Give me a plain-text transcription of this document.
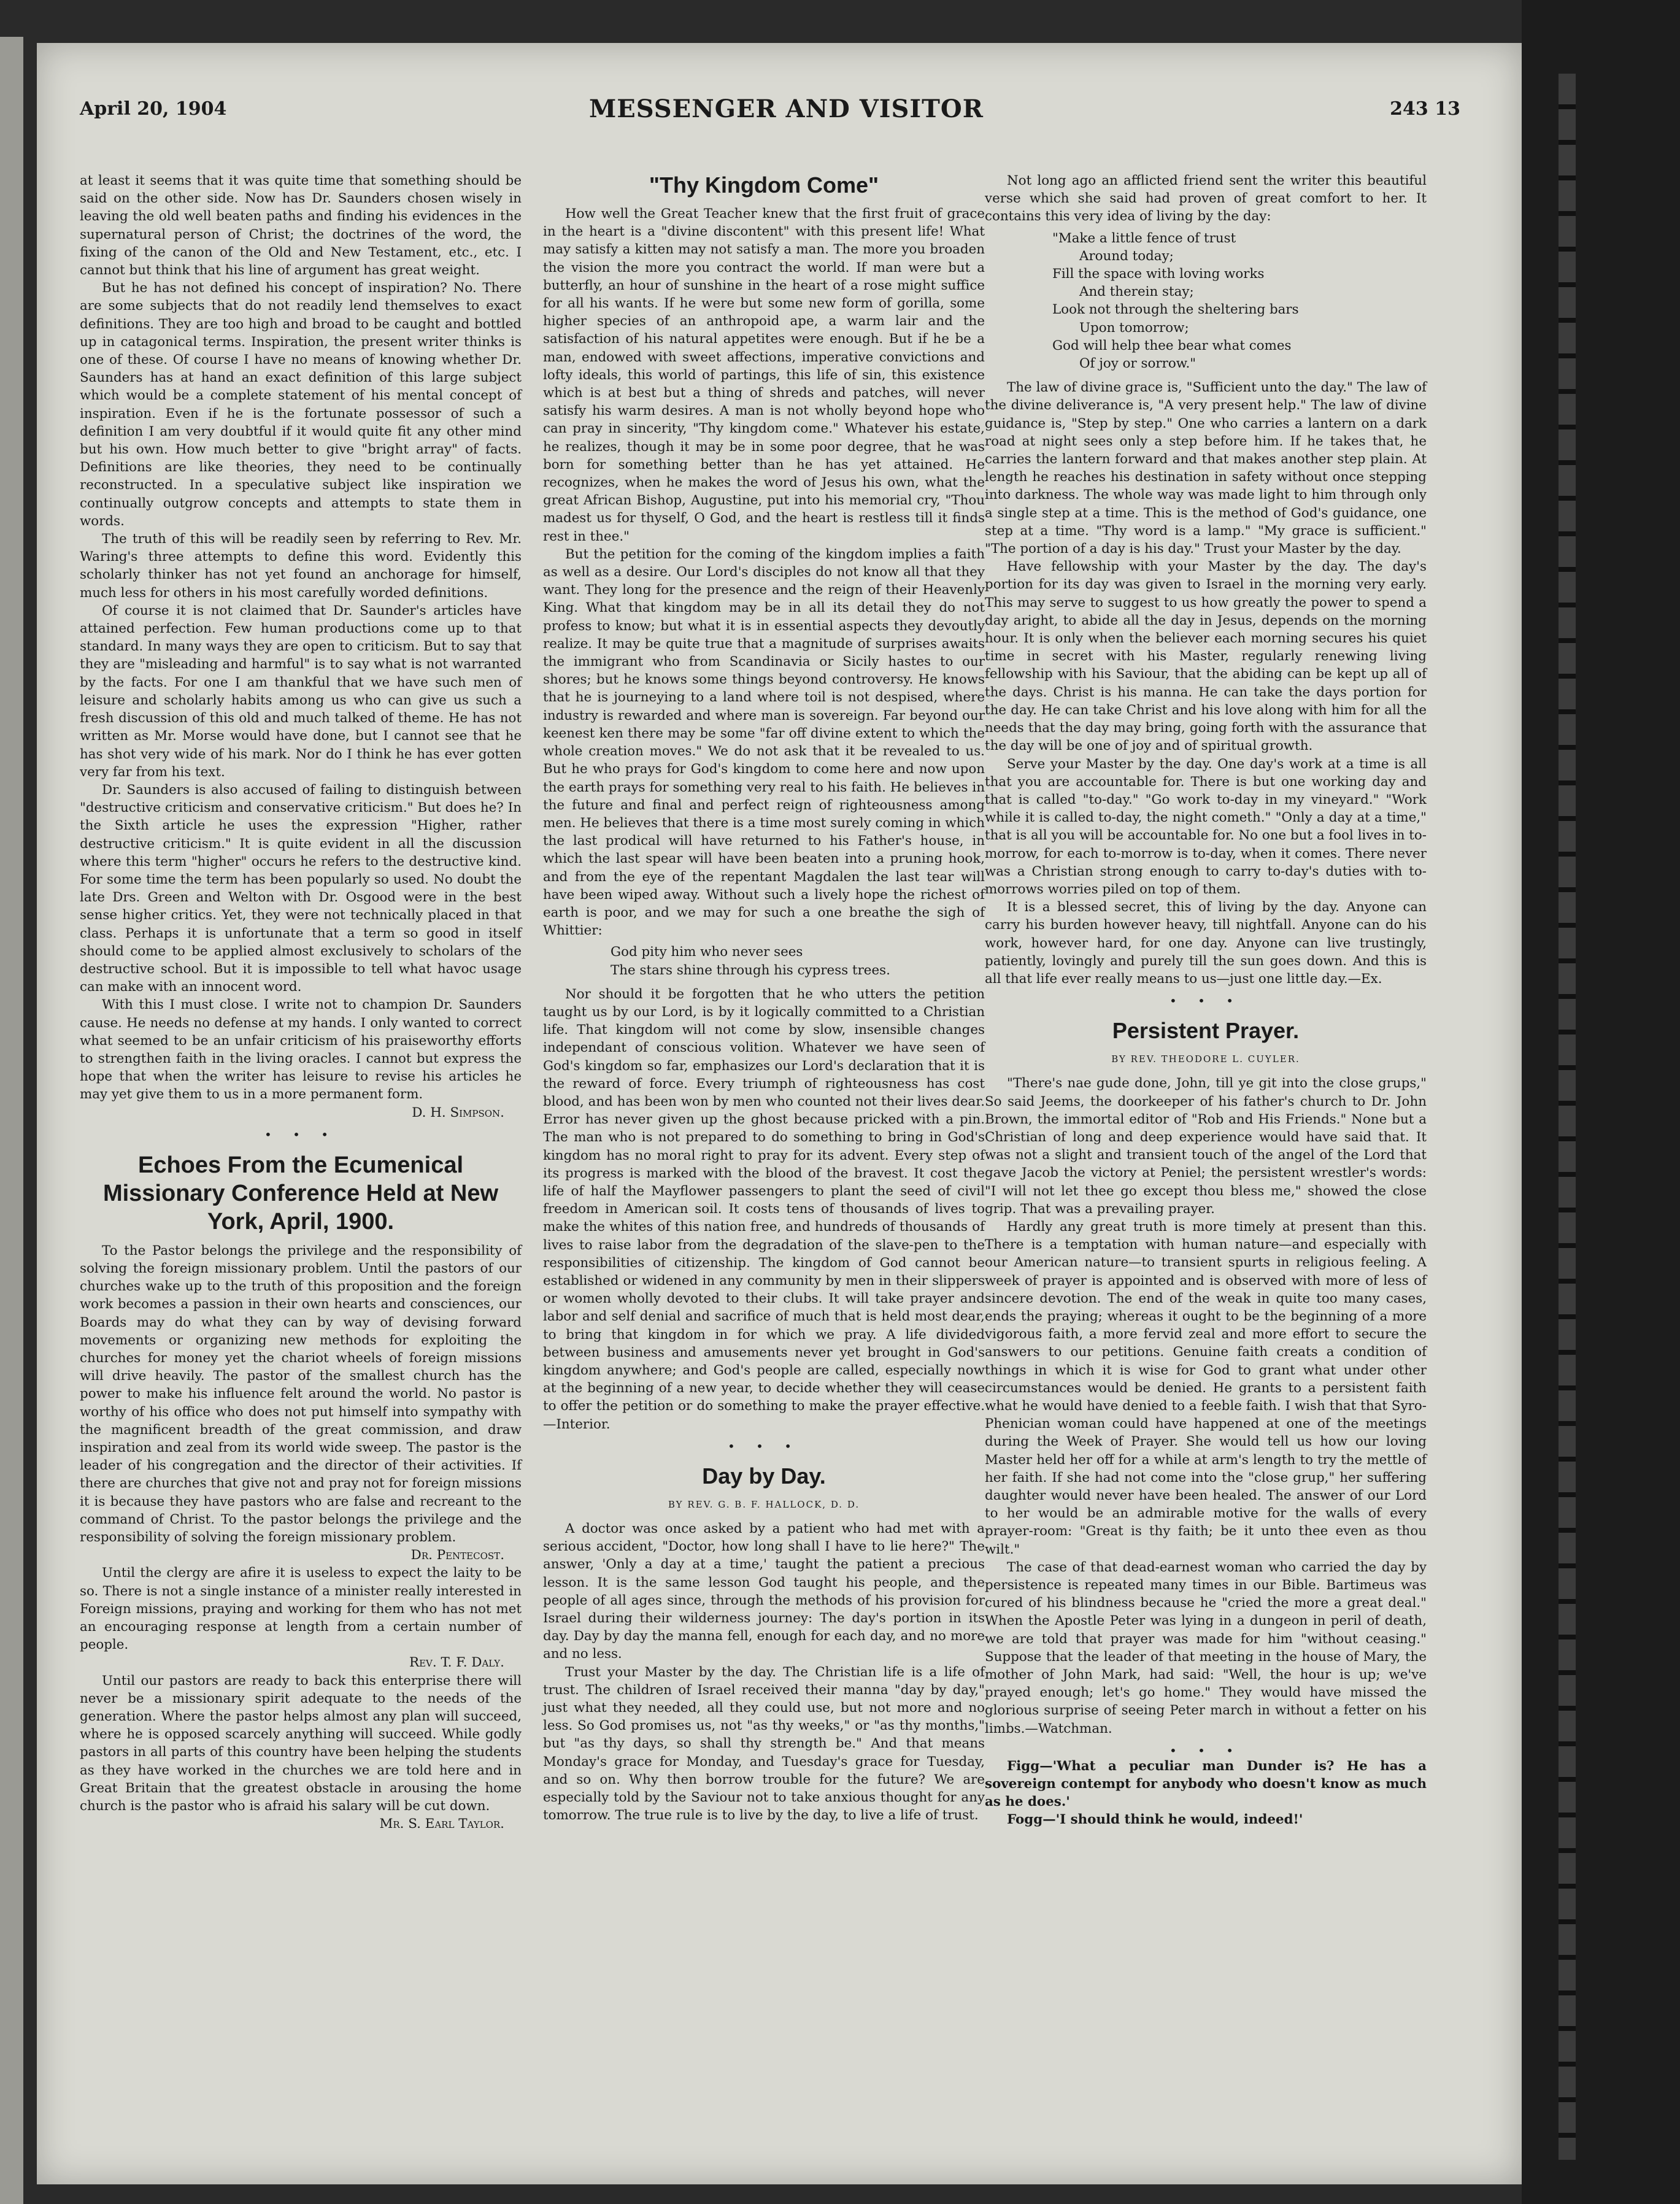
April 20, 1904	MESSENGER AND VISITOR	243 13

at least it seems that it was quite time that something should be said on the other side. Now has Dr. Saunders chosen wisely in leaving the old well beaten paths and finding his evidences in the supernatural person of Christ; the doctrines of the word, the fixing of the canon of the Old and New Testament, etc., etc. I cannot but think that his line of argument has great weight.

But he has not defined his concept of inspiration? No. There are some subjects that do not readily lend themselves to exact definitions. They are too high and broad to be caught and bottled up in catagonical terms. Inspiration, the present writer thinks is one of these. Of course I have no means of knowing whether Dr. Saunders has at hand an exact definition of this large subject which would be a complete statement of his mental concept of inspiration. Even if he is the fortunate possessor of such a definition I am very doubtful if it would quite fit any other mind but his own. How much better to give "bright array" of facts. Definitions are like theories, they need to be continually reconstructed. In a speculative subject like inspiration we continually outgrow concepts and attempts to state them in words.

The truth of this will be readily seen by referring to Rev. Mr. Waring's three attempts to define this word. Evidently this scholarly thinker has not yet found an anchorage for himself, much less for others in his most carefully worded definitions.

Of course it is not claimed that Dr. Saunder's articles have attained perfection. Few human productions come up to that standard. In many ways they are open to criticism. But to say that they are "misleading and harmful" is to say what is not warranted by the facts. For one I am thankful that we have such men of leisure and scholarly habits among us who can give us such a fresh discussion of this old and much talked of theme. He has not written as Mr. Morse would have done, but I cannot see that he has shot very wide of his mark. Nor do I think he has ever gotten very far from his text.

Dr. Saunders is also accused of failing to distinguish between "destructive criticism and conservative criticism." But does he? In the Sixth article he uses the expression "Higher, rather destructive criticism." It is quite evident in all the discussion where this term "higher" occurs he refers to the destructive kind. For some time the term has been popularly so used. No doubt the late Drs. Green and Welton with Dr. Osgood were in the best sense higher critics. Yet, they were not technically placed in that class. Perhaps it is unfortunate that a term so good in itself should come to be applied almost exclusively to scholars of the destructive school. But it is impossible to tell what havoc usage can make with an innocent word.

With this I must close. I write not to champion Dr. Saunders cause. He needs no defense at my hands. I only wanted to correct what seemed to be an unfair criticism of his praiseworthy efforts to strengthen faith in the living oracles. I cannot but express the hope that when the writer has leisure to revise his articles he may yet give them to us in a more permanent form.

D. H. Simpson.

• • •
Echoes From the Ecumenical Missionary Conference Held at New York, April, 1900.

To the Pastor belongs the privilege and the responsibility of solving the foreign missionary problem. Until the pastors of our churches wake up to the truth of this proposition and the foreign work becomes a passion in their own hearts and consciences, our Boards may do what they can by way of devising forward movements or organizing new methods for exploiting the churches for money yet the chariot wheels of foreign missions will drive heavily. The pastor of the smallest church has the power to make his influence felt around the world. No pastor is worthy of his office who does not put himself into sympathy with the magnificent breadth of the great commission, and draw inspiration and zeal from its world wide sweep. The pastor is the leader of his congregation and the director of their activities. If there are churches that give not and pray not for foreign missions it is because they have pastors who are false and recreant to the command of Christ. To the pastor belongs the privilege and the responsibility of solving the foreign missionary problem.

Dr. Pentecost.

Until the clergy are afire it is useless to expect the laity to be so. There is not a single instance of a minister really interested in Foreign missions, praying and working for them who has not met an encouraging response at length from a certain number of people.

Rev. T. F. Daly.

Until our pastors are ready to back this enterprise there will never be a missionary spirit adequate to the needs of the generation. Where the pastor helps almost any plan will succeed, where he is opposed scarcely anything will succeed. While godly pastors in all parts of this country have been helping the students as they have worked in the churches we are told here and in Great Britain that the greatest obstacle in arousing the home church is the pastor who is afraid his salary will be cut down.

Mr. S. Earl Taylor.

"Thy Kingdom Come"

How well the Great Teacher knew that the first fruit of grace in the heart is a "divine discontent" with this present life! What may satisfy a kitten may not satisfy a man. The more you broaden the vision the more you contract the world. If man were but a butterfly, an hour of sunshine in the heart of a rose might suffice for all his wants. If he were but some new form of gorilla, some higher species of an anthropoid ape, a warm lair and the satisfaction of his natural appetites were enough. But if he be a man, endowed with sweet affections, imperative convictions and lofty ideals, this world of partings, this life of sin, this existence which is at best but a thing of shreds and patches, will never satisfy his warm desires. A man is not wholly beyond hope who can pray in sincerity, "Thy kingdom come." Whatever his estate, he realizes, though it may be in some poor degree, that he was born for something better than he has yet attained. He recognizes, when he makes the word of Jesus his own, what the great African Bishop, Augustine, put into his memorial cry, "Thou madest us for thyself, O God, and the heart is restless till it finds rest in thee."

But the petition for the coming of the kingdom implies a faith as well as a desire. Our Lord's disciples do not know all that they want. They long for the presence and the reign of their Heavenly King. What that kingdom may be in all its detail they do not profess to know; but what it is in essential aspects they devoutly realize. It may be quite true that a magnitude of surprises awaits the immigrant who from Scandinavia or Sicily hastes to our shores; but he knows some things beyond controversy. He knows that he is journeying to a land where toil is not despised, where industry is rewarded and where man is sovereign. Far beyond our keenest ken there may be some "far off divine extent to which the whole creation moves." We do not ask that it be revealed to us. But he who prays for God's kingdom to come here and now upon the earth prays for something very real to his faith. He believes in the future and final and perfect reign of righteousness among men. He believes that there is a time most surely coming in which the last prodical will have returned to his Father's house, in which the last spear will have been beaten into a pruning hook, and from the eye of the repentant Magdalen the last tear will have been wiped away. Without such a lively hope the richest of earth is poor, and we may for such a one breathe the sigh of Whittier:

God pity him who never sees
The stars shine through his cypress trees.

Nor should it be forgotten that he who utters the petition taught us by our Lord, is by it logically committed to a Christian life. That kingdom will not come by slow, insensible changes independant of conscious volition. Whatever we have seen of God's kingdom so far, emphasizes our Lord's declaration that it is the reward of force. Every triumph of righteousness has cost blood, and has been won by men who counted not their lives dear. Error has never given up the ghost because pricked with a pin. The man who is not prepared to do something to bring in God's kingdom has no moral right to pray for its advent. Every step of its progress is marked with the blood of the bravest. It cost the life of half the Mayflower passengers to plant the seed of civil freedom in American soil. It costs tens of thousands of lives to make the whites of this nation free, and hundreds of thousands of lives to raise labor from the degradation of the slave-pen to the responsibilities of citizenship. The kingdom of God cannot be established or widened in any community by men in their slippers or women wholly devoted to their clubs. It will take prayer and labor and self denial and sacrifice of much that is held most dear, to bring that kingdom in for which we pray. A life divided between business and amusements never yet brought in God's kingdom anywhere; and God's people are called, especially now at the beginning of a new year, to decide whether they will cease to offer the petition or do something to make the prayer effective.—Interior.

• • •
Day by Day.
BY REV. G. B. F. HALLOCK, D. D.

A doctor was once asked by a patient who had met with a serious accident, "Doctor, how long shall I have to lie here?" The answer, 'Only a day at a time,' taught the patient a precious lesson. It is the same lesson God taught his people, and the people of all ages since, through the methods of his provision for Israel during their wilderness journey: The day's portion in its day. Day by day the manna fell, enough for each day, and no more and no less.

Trust your Master by the day. The Christian life is a life of trust. The children of Israel received their manna "day by day," just what they needed, all they could use, but not more and no less. So God promises us, not "as thy weeks," or "as thy months," but "as thy days, so shall thy strength be." And that means Monday's grace for Monday, and Tuesday's grace for Tuesday, and so on. Why then borrow trouble for the future? We are especially told by the Saviour not to take anxious thought for any tomorrow. The true rule is to live by the day, to live a life of trust.

Not long ago an afflicted friend sent the writer this beautiful verse which she said had proven of great comfort to her. It contains this very idea of living by the day:

"Make a little fence of trust
Around today;
Fill the space with loving works
And therein stay;
Look not through the sheltering bars
Upon tomorrow;
God will help thee bear what comes
Of joy or sorrow."

The law of divine grace is, "Sufficient unto the day." The law of the divine deliverance is, "A very present help." The law of divine guidance is, "Step by step." One who carries a lantern on a dark road at night sees only a step before him. If he takes that, he carries the lantern forward and that makes another step plain. At length he reaches his destination in safety without once stepping into darkness. The whole way was made light to him through only a single step at a time. This is the method of God's guidance, one step at a time. "Thy word is a lamp." "My grace is sufficient." "The portion of a day is his day." Trust your Master by the day.

Have fellowship with your Master by the day. The day's portion for its day was given to Israel in the morning very early. This may serve to suggest to us how greatly the power to spend a day aright, to abide all the day in Jesus, depends on the morning hour. It is only when the believer each morning secures his quiet time in secret with his Master, regularly renewing living fellowship with his Saviour, that the abiding can be kept up all of the days. Christ is his manna. He can take the days portion for the day. He can take Christ and his love along with him for all the needs that the day may bring, going forth with the assurance that the day will be one of joy and of spiritual growth.

Serve your Master by the day. One day's work at a time is all that you are accountable for. There is but one working day and that is called "to-day." "Go work to-day in my vineyard." "Work while it is called to-day, the night cometh." "Only a day at a time," that is all you will be accountable for. No one but a fool lives in to-morrow, for each to-morrow is to-day, when it comes. There never was a Christian strong enough to carry to-day's duties with to-morrows worries piled on top of them.

It is a blessed secret, this of living by the day. Anyone can carry his burden however heavy, till nightfall. Anyone can do his work, however hard, for one day. Anyone can live trustingly, patiently, lovingly and purely till the sun goes down. And this is all that life ever really means to us—just one little day.—Ex.

• • •
Persistent Prayer.
BY REV. THEODORE L. CUYLER.

"There's nae gude done, John, till ye git into the close grups," So said Jeems, the doorkeeper of his father's church to Dr. John Brown, the immortal editor of "Rob and His Friends." None but a Christian of long and deep experience would have said that. It was not a slight and transient touch of the angel of the Lord that gave Jacob the victory at Peniel; the persistent wrestler's words: "I will not let thee go except thou bless me," showed the close grip. That was a prevailing prayer.

Hardly any great truth is more timely at present than this. There is a temptation with human nature—and especially with our American nature—to transient spurts in religious feeling. A week of prayer is appointed and is observed with more of less of sincere devotion. The end of the weak in quite too many cases, ends the praying; whereas it ought to be the beginning of a more vigorous faith, a more fervid zeal and more effort to secure the answers to our petitions. Genuine faith creats a condition of things in which it is wise for God to grant what under other circumstances would be denied. He grants to a persistent faith what he would have denied to a feeble faith. I wish that that Syro-Phenician woman could have happened at one of the meetings during the Week of Prayer. She would tell us how our loving Master held her off for a while at arm's length to try the mettle of her faith. If she had not come into the "close grup," her suffering daughter would never have been healed. The answer of our Lord to her would be an admirable motive for the walls of every prayer-room: "Great is thy faith; be it unto thee even as thou wilt."

The case of that dead-earnest woman who carried the day by persistence is repeated many times in our Bible. Bartimeus was cured of his blindness because he "cried the more a great deal." When the Apostle Peter was lying in a dungeon in peril of death, we are told that prayer was made for him "without ceasing." Suppose that the leader of that meeting in the house of Mary, the mother of John Mark, had said: "Well, the hour is up; we've prayed enough; let's go home." They would have missed the glorious surprise of seeing Peter march in without a fetter on his limbs.—Watchman.

• • •

Figg—'What a peculiar man Dunder is? He has a sovereign contempt for anybody who doesn't know as much as he does.'

Fogg—'I should think he would, indeed!'
